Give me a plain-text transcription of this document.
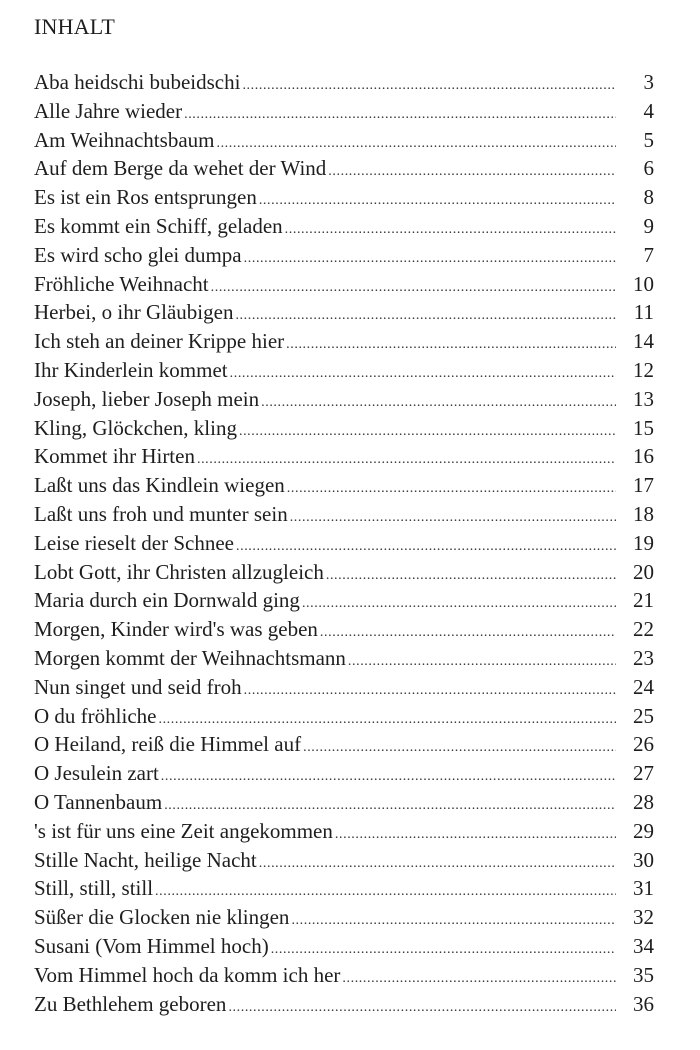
INHALT
Aba heidschi bubeidschi .....	3
Alle Jahre wieder .....	4
Am Weihnachtsbaum .....	5
Auf dem Berge da wehet der Wind .....	6
Es ist ein Ros entsprungen .....	8
Es kommt ein Schiff, geladen .....	9
Es wird scho glei dumpa .....	7
Fröhliche Weihnacht .....	10
Herbei, o ihr Gläubigen .....	11
Ich steh an deiner Krippe hier .....	14
Ihr Kinderlein kommet .....	12
Joseph, lieber Joseph mein .....	13
Kling, Glöckchen, kling .....	15
Kommet ihr Hirten .....	16
Laßt uns das Kindlein wiegen .....	17
Laßt uns froh und munter sein .....	18
Leise rieselt der Schnee .....	19
Lobt Gott, ihr Christen allzugleich .....	20
Maria durch ein Dornwald ging .....	21
Morgen, Kinder wird's was geben .....	22
Morgen kommt der Weihnachtsmann .....	23
Nun singet und seid froh .....	24
O du fröhliche .....	25
O Heiland, reiß die Himmel auf .....	26
O Jesulein zart .....	27
O Tannenbaum .....	28
's ist für uns eine Zeit angekommen .....	29
Stille Nacht, heilige Nacht .....	30
Still, still, still .....	31
Süßer die Glocken nie klingen .....	32
Susani (Vom Himmel hoch) .....	34
Vom Himmel hoch da komm ich her .....	35
Zu Bethlehem geboren .....	36
